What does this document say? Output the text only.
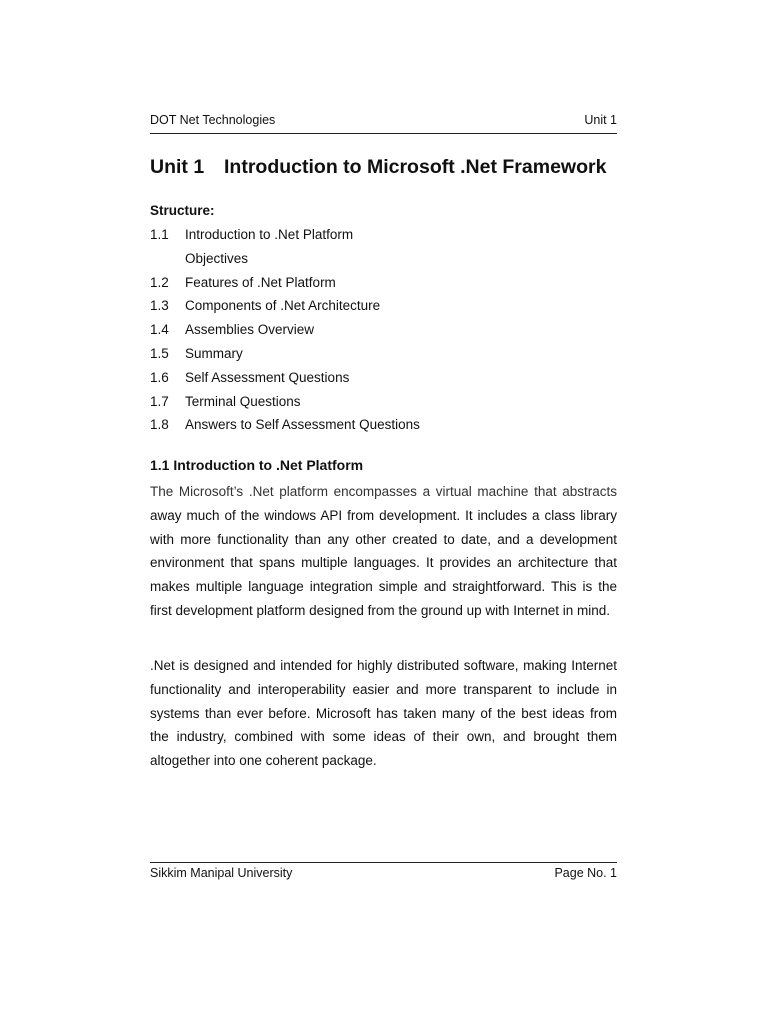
DOT Net Technologies	Unit 1
Unit 1 Introduction to Microsoft .Net Framework
Structure:
1.1 Introduction to .Net Platform
Objectives
1.2 Features of .Net Platform
1.3 Components of .Net Architecture
1.4 Assemblies Overview
1.5 Summary
1.6 Self Assessment Questions
1.7 Terminal Questions
1.8 Answers to Self Assessment Questions
1.1 Introduction to .Net Platform

The Microsoft’s .Net platform encompasses a virtual machine that abstracts away much of the windows API from development. It includes a class library with more functionality than any other created to date, and a development environment that spans multiple languages. It provides an architecture that makes multiple language integration simple and straightforward. This is the first development platform designed from the ground up with Internet in mind.

.Net is designed and intended for highly distributed software, making Internet functionality and interoperability easier and more transparent to include in systems than ever before. Microsoft has taken many of the best ideas from the industry, combined with some ideas of their own, and brought them altogether into one coherent package.

Sikkim Manipal University	Page No. 1
